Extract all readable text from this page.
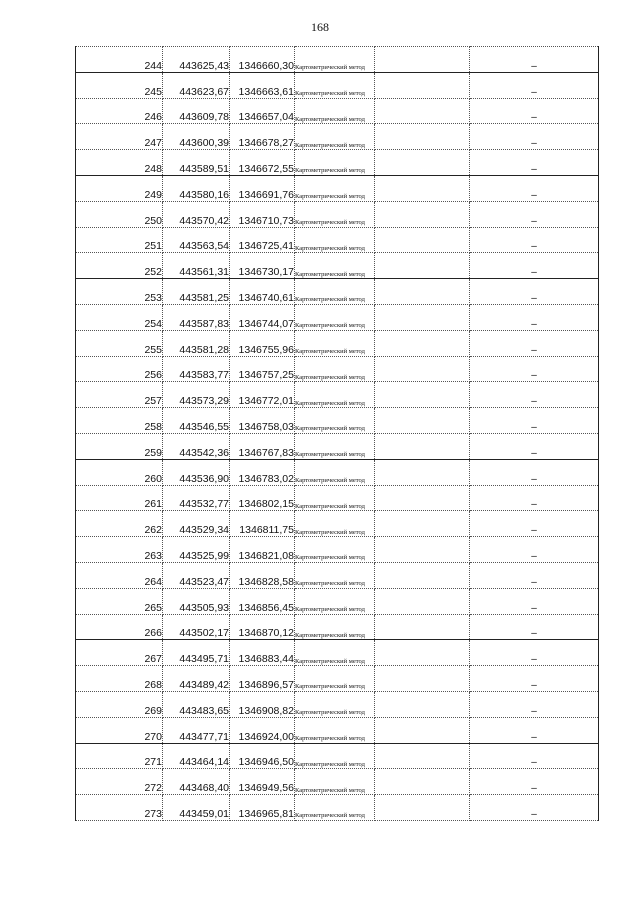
168
244	443625,43	1346660,30	Картометрический метод		–
245	443623,67	1346663,61	Картометрический метод		–
246	443609,78	1346657,04	Картометрический метод		–
247	443600,39	1346678,27	Картометрический метод		–
248	443589,51	1346672,55	Картометрический метод		–
249	443580,16	1346691,76	Картометрический метод		–
250	443570,42	1346710,73	Картометрический метод		–
251	443563,54	1346725,41	Картометрический метод		–
252	443561,31	1346730,17	Картометрический метод		–
253	443581,25	1346740,61	Картометрический метод		–
254	443587,83	1346744,07	Картометрический метод		–
255	443581,28	1346755,96	Картометрический метод		–
256	443583,77	1346757,25	Картометрический метод		–
257	443573,29	1346772,01	Картометрический метод		–
258	443546,55	1346758,03	Картометрический метод		–
259	443542,36	1346767,83	Картометрический метод		–
260	443536,90	1346783,02	Картометрический метод		–
261	443532,77	1346802,15	Картометрический метод		–
262	443529,34	1346811,75	Картометрический метод		–
263	443525,99	1346821,08	Картометрический метод		–
264	443523,47	1346828,58	Картометрический метод		–
265	443505,93	1346856,45	Картометрический метод		–
266	443502,17	1346870,12	Картометрический метод		–
267	443495,71	1346883,44	Картометрический метод		–
268	443489,42	1346896,57	Картометрический метод		–
269	443483,65	1346908,82	Картометрический метод		–
270	443477,71	1346924,00	Картометрический метод		–
271	443464,14	1346946,50	Картометрический метод		–
272	443468,40	1346949,56	Картометрический метод		–
273	443459,01	1346965,81	Картометрический метод		–
